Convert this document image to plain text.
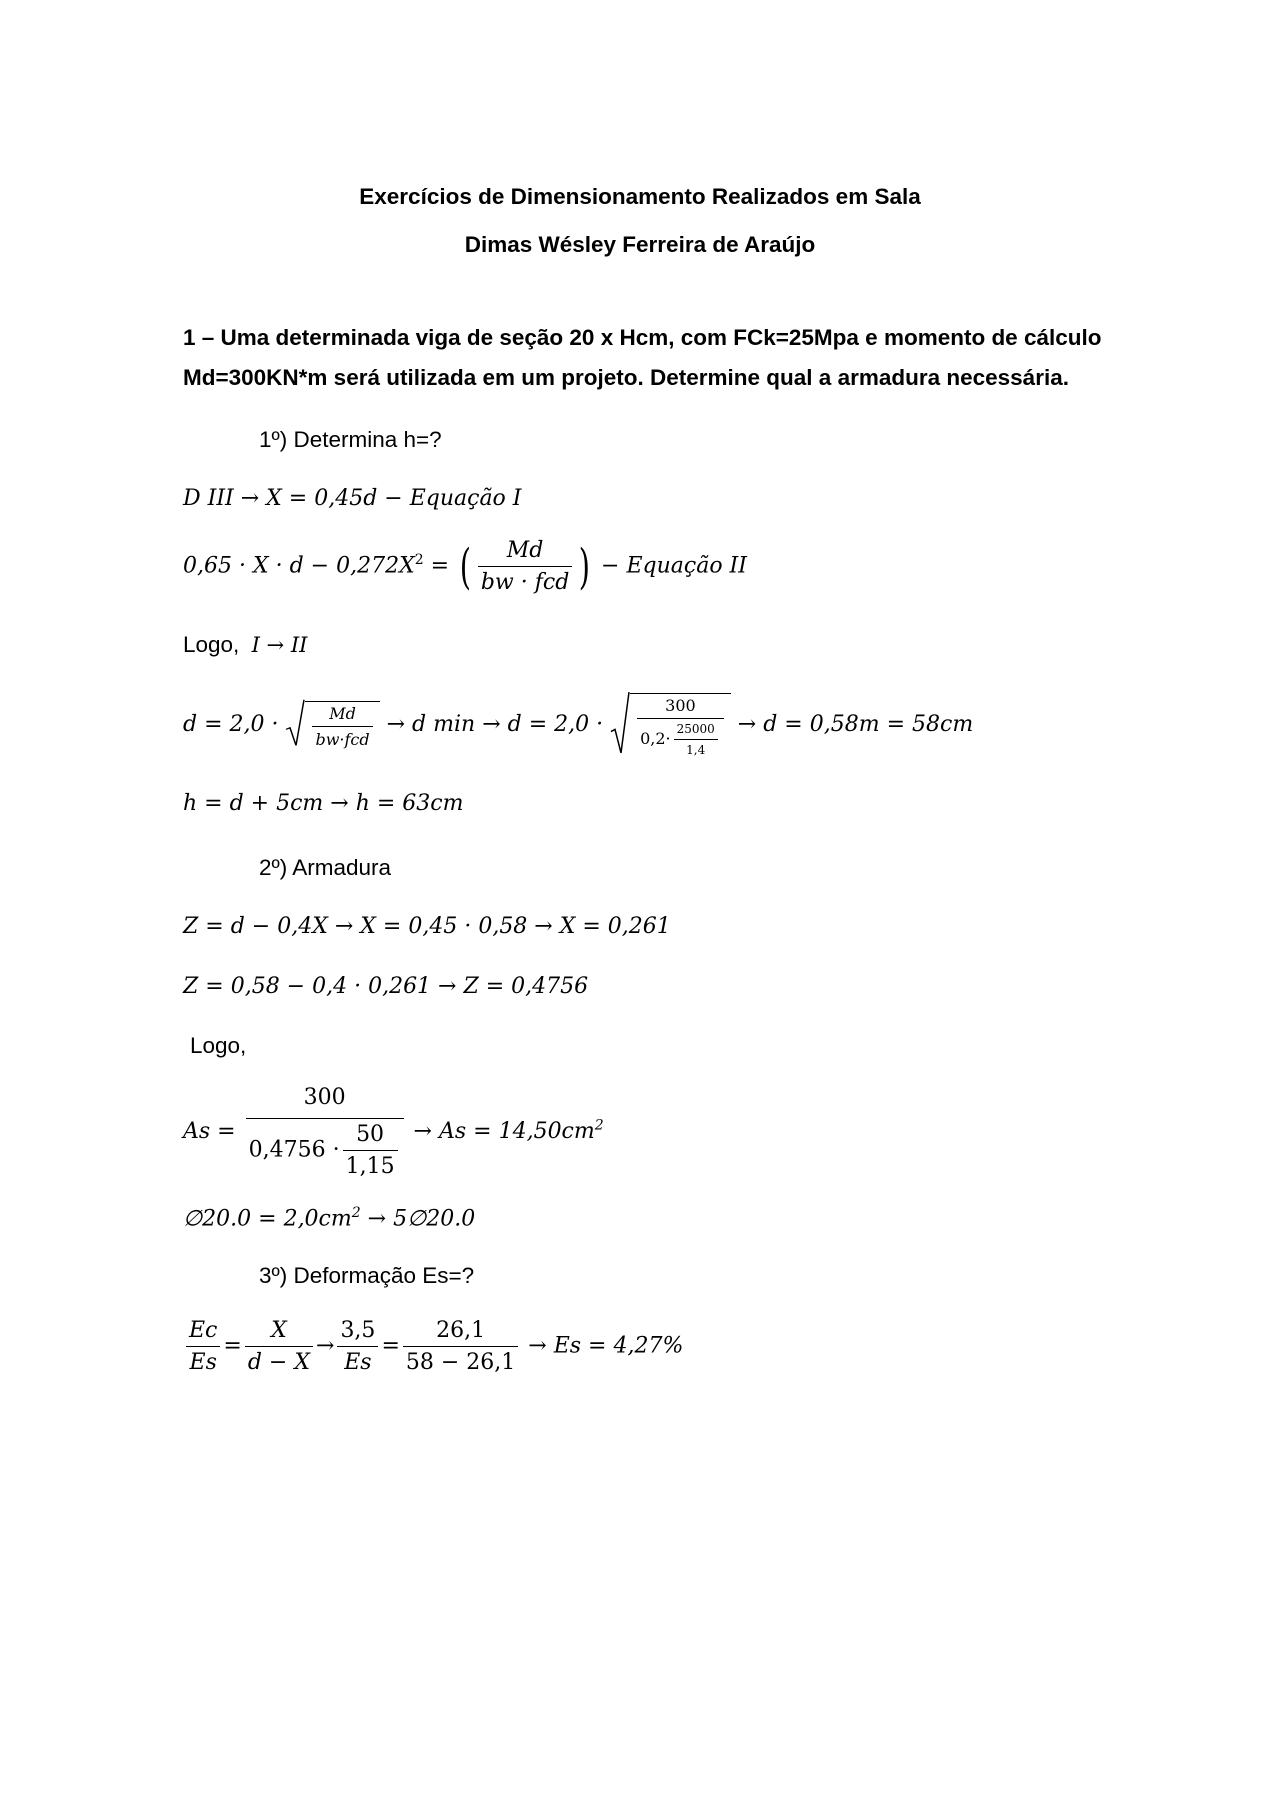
Exercícios de Dimensionamento Realizados em Sala
Dimas Wésley Ferreira de Araújo
1 – Uma determinada viga de seção 20 x Hcm, com FCk=25Mpa e momento de cálculo
Md=300KN*m será utilizada em um projeto. Determine qual a armadura necessária.
1º) Determina h=?
D III → X = 0,45d − Equação I
$0,65 \cdot X \cdot d - 0,272X^2$ = ( $\frac{Md}{\text{bw · fcd}}$ ) − Equação II
Logo, I → II
$d = 2,0 \cdot \frac{Md}{\text{bw·fcd}} \to d$ $\min \to d = 2,0 \cdot \frac{300}{0,2\cdot \frac{25000}{1,4}} \to d = 0,58m = 58cm$
h = d + 5cm → h = 63cm
2º) Armadura
Z = d − 0,4X → X = 0,45 · 0,58 → X = 0,261
Z = 0,58 − 0,4 · 0,261 → Z = 0,4756
Logo,
$As = \frac{300}{0,4756 \cdot \frac{50}{1,15}} \to As = 14,50cm^2$
∅20.0 = $2,0cm^2$ → 5∅20.0
3º) Deformação Es=?
$\frac{Ec}{Es} = \frac{X}{d - X} \to \frac{3,5}{Es} = \frac{26,1}{58 - 26,1} \to Es = 4,27\%$
